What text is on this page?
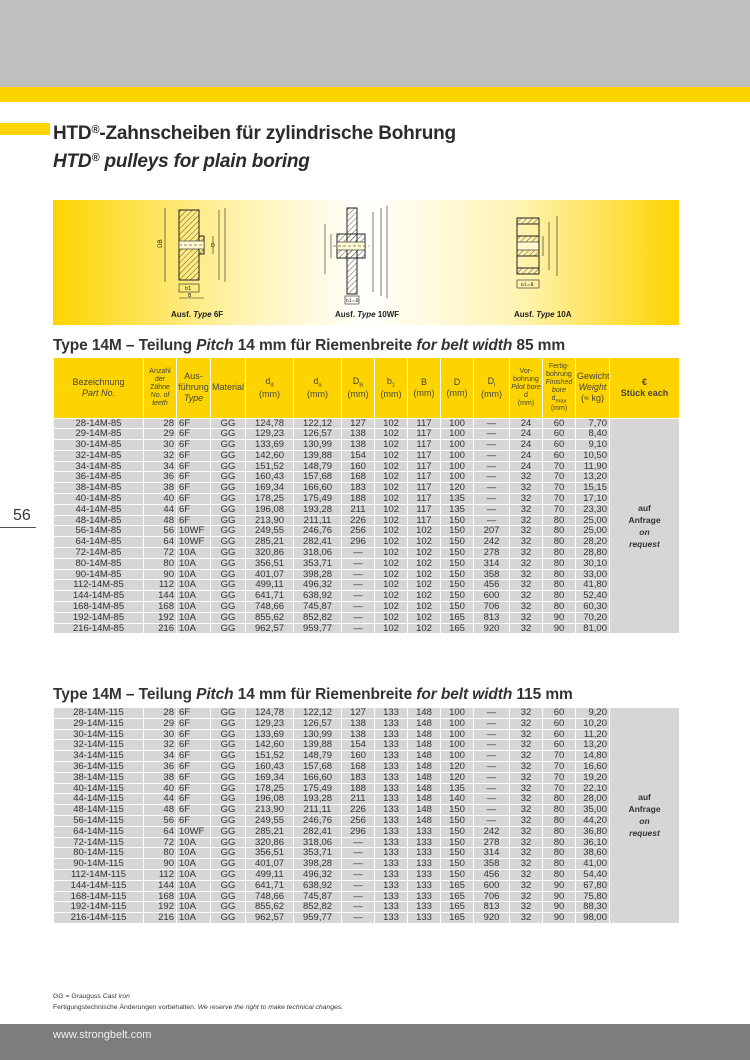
HTD®-Zahnscheiben für zylindrische Bohrung
HTD® pulleys for plain boring
DB	D
b1
B
Ausf. Type 6F
b1=B
Ausf. Type 10WF
b1=B
Ausf. Type 10A
Type 14M – Teilung Pitch 14 mm für Riemenbreite for belt width 85 mm
Bezeichnung
Part No.	Anzahl der Zähne
No. of teeth	Aus-führung
Type	Material	$d_d$
(mm)	$d_a$
(mm)	$D_B$
(mm)	$b_1$
(mm)	B
(mm)	D
(mm)	$D_l$
(mm)	Vor-bohrung
Pilot bore
d
(mm)	Fertig-bohrung
Finished bore
$d_{max}$
(mm)	Gewicht
Weight
(≈ kg)	€
Stück each
28-14M-85	28	6F	GG	124,78	122,12	127	102	117	100	—	24	60	7,70	auf
Anfrage
on
request
29-14M-85	29	6F	GG	129,23	126,57	138	102	117	100	—	24	60	8,40	
30-14M-85	30	6F	GG	133,69	130,99	138	102	117	100	—	24	60	9,10	
32-14M-85	32	6F	GG	142,60	139,88	154	102	117	100	—	24	60	10,50	
34-14M-85	34	6F	GG	151,52	148,79	160	102	117	100	—	24	70	11,90	
36-14M-85	36	6F	GG	160,43	157,68	168	102	117	100	—	32	70	13,20	
38-14M-85	38	6F	GG	169,34	166,60	183	102	117	120	—	32	70	15,15	
40-14M-85	40	6F	GG	178,25	175,49	188	102	117	135	—	32	70	17,10	
44-14M-85	44	6F	GG	196,08	193,28	211	102	117	135	—	32	70	23,30	
48-14M-85	48	6F	GG	213,90	211,11	226	102	117	150	—	32	80	25,00	
56-14M-85	56	10WF	GG	249,55	246,76	256	102	102	150	207	32	80	25,00	
64-14M-85	64	10WF	GG	285,21	282,41	296	102	102	150	242	32	80	28,20	
72-14M-85	72	10A	GG	320,86	318,06	—	102	102	150	278	32	80	28,80	
80-14M-85	80	10A	GG	356,51	353,71	—	102	102	150	314	32	80	30,10	
90-14M-85	90	10A	GG	401,07	398,28	—	102	102	150	358	32	80	33,00	
112-14M-85	112	10A	GG	499,11	496,32	—	102	102	150	456	32	80	41,80	
144-14M-85	144	10A	GG	641,71	638,92	—	102	102	150	600	32	80	52,40	
168-14M-85	168	10A	GG	748,66	745,87	—	102	102	150	706	32	80	60,30	
192-14M-85	192	10A	GG	855,62	852,82	—	102	102	165	813	32	90	70,20	
216-14M-85	216	10A	GG	962,57	959,77	—	102	102	165	920	32	90	81,00	
56
Type 14M – Teilung Pitch 14 mm für Riemenbreite for belt width 115 mm
28-14M-115	28	6F	GG	124,78	122,12	127	133	148	100	—	32	60	9,20	auf
Anfrage
on
request
29-14M-115	29	6F	GG	129,23	126,57	138	133	148	100	—	32	60	10,20	
30-14M-115	30	6F	GG	133,69	130,99	138	133	148	100	—	32	60	11,20	
32-14M-115	32	6F	GG	142,60	139,88	154	133	148	100	—	32	60	13,20	
34-14M-115	34	6F	GG	151,52	148,79	160	133	148	100	—	32	70	14,80	
36-14M-115	36	6F	GG	160,43	157,68	168	133	148	120	—	32	70	16,60	
38-14M-115	38	6F	GG	169,34	166,60	183	133	148	120	—	32	70	19,20	
40-14M-115	40	6F	GG	178,25	175,49	188	133	148	135	—	32	70	22,10	
44-14M-115	44	6F	GG	196,08	193,28	211	133	148	140	—	32	80	28,00	
48-14M-115	48	6F	GG	213,90	211,11	226	133	148	150	—	32	80	35,00	
56-14M-115	56	6F	GG	249,55	246,76	256	133	148	150	—	32	80	44,20	
64-14M-115	64	10WF	GG	285,21	282,41	296	133	133	150	242	32	80	36,80	
72-14M-115	72	10A	GG	320,86	318,06	—	133	133	150	278	32	80	36,10	
80-14M-115	80	10A	GG	356,51	353,71	—	133	133	150	314	32	80	38,60	
90-14M-115	90	10A	GG	401,07	398,28	—	133	133	150	358	32	80	41,00	
112-14M-115	112	10A	GG	499,11	496,32	—	133	133	150	456	32	80	54,40	
144-14M-115	144	10A	GG	641,71	638,92	—	133	133	165	600	32	90	67,80	
168-14M-115	168	10A	GG	748,66	745,87	—	133	133	165	706	32	90	75,80	
192-14M-115	192	10A	GG	855,62	852,82	—	133	133	165	813	32	90	88,30	
216-14M-115	216	10A	GG	962,57	959,77	—	133	133	165	920	32	90	98,00	
GG = Grauguss Cast iron
Fertigungstechnische Änderungen vorbehalten. We reserve the right to make technical changes.
www.strongbelt.com
